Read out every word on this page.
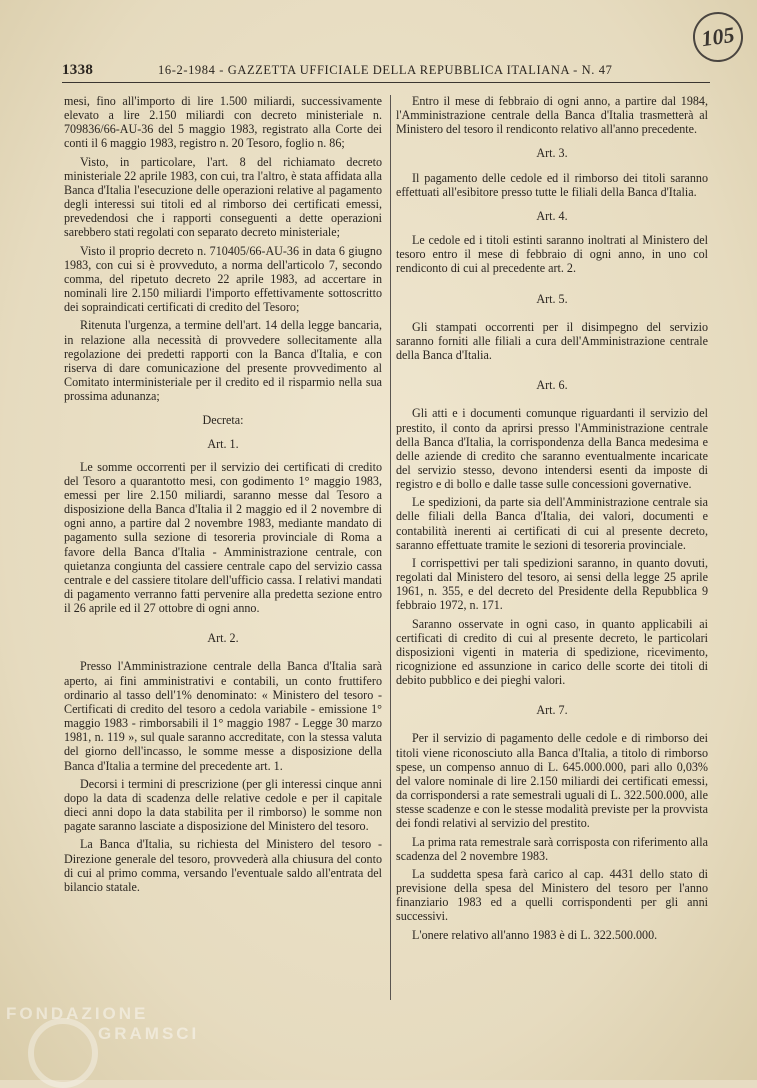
105
1338	16-2-1984 - GAZZETTA UFFICIALE DELLA REPUBBLICA ITALIANA - N. 47

mesi, fino all'importo di lire 1.500 miliardi, successivamente elevato a lire 2.150 miliardi con decreto ministeriale n. 709836/66-AU-36 del 5 maggio 1983, registrato alla Corte dei conti il 6 maggio 1983, registro n. 20 Tesoro, foglio n. 86;

Visto, in particolare, l'art. 8 del richiamato decreto ministeriale 22 aprile 1983, con cui, tra l'altro, è stata affidata alla Banca d'Italia l'esecuzione delle operazioni relative al pagamento degli interessi sui titoli ed al rimborso dei certificati emessi, prevedendosi che i rapporti conseguenti a dette operazioni sarebbero stati regolati con separato decreto ministeriale;

Visto il proprio decreto n. 710405/66-AU-36 in data 6 giugno 1983, con cui si è provveduto, a norma dell'articolo 7, secondo comma, del ripetuto decreto 22 aprile 1983, ad accertare in nominali lire 2.150 miliardi l'importo effettivamente sottoscritto dei sopraindicati certificati di credito del Tesoro;

Ritenuta l'urgenza, a termine dell'art. 14 della legge bancaria, in relazione alla necessità di provvedere sollecitamente alla regolazione dei predetti rapporti con la Banca d'Italia, e con riserva di dare comunicazione del presente provvedimento al Comitato interministeriale per il credito ed il risparmio nella sua prossima adunanza;

Decreta:

Art. 1.

Le somme occorrenti per il servizio dei certificati di credito del Tesoro a quarantotto mesi, con godimento 1° maggio 1983, emessi per lire 2.150 miliardi, saranno messe dal Tesoro a disposizione della Banca d'Italia il 2 maggio ed il 2 novembre di ogni anno, a partire dal 2 novembre 1983, mediante mandato di pagamento sulla sezione di tesoreria provinciale di Roma a favore della Banca d'Italia - Amministrazione centrale, con quietanza congiunta del cassiere centrale capo del servizio cassa centrale e del cassiere titolare dell'ufficio cassa. I relativi mandati di pagamento verranno fatti pervenire alla predetta sezione entro il 26 aprile ed il 27 ottobre di ogni anno.

Art. 2.

Presso l'Amministrazione centrale della Banca d'Italia sarà aperto, ai fini amministrativi e contabili, un conto fruttifero ordinario al tasso dell'1% denominato: « Ministero del tesoro - Certificati di credito del tesoro a cedola variabile - emissione 1° maggio 1983 - rimborsabili il 1° maggio 1987 - Legge 30 marzo 1981, n. 119 », sul quale saranno accreditate, con la stessa valuta del giorno dell'incasso, le somme messe a disposizione della Banca d'Italia a termine del precedente art. 1.

Decorsi i termini di prescrizione (per gli interessi cinque anni dopo la data di scadenza delle relative cedole e per il capitale dieci anni dopo la data stabilita per il rimborso) le somme non pagate saranno lasciate a disposizione del Ministero del tesoro.

La Banca d'Italia, su richiesta del Ministero del tesoro - Direzione generale del tesoro, provvederà alla chiusura del conto di cui al primo comma, versando l'eventuale saldo all'entrata del bilancio statale.

Entro il mese di febbraio di ogni anno, a partire dal 1984, l'Amministrazione centrale della Banca d'Italia trasmetterà al Ministero del tesoro il rendiconto relativo all'anno precedente.

Art. 3.

Il pagamento delle cedole ed il rimborso dei titoli saranno effettuati all'esibitore presso tutte le filiali della Banca d'Italia.

Art. 4.

Le cedole ed i titoli estinti saranno inoltrati al Ministero del tesoro entro il mese di febbraio di ogni anno, in uno col rendiconto di cui al precedente art. 2.

Art. 5.

Gli stampati occorrenti per il disimpegno del servizio saranno forniti alle filiali a cura dell'Amministrazione centrale della Banca d'Italia.

Art. 6.

Gli atti e i documenti comunque riguardanti il servizio del prestito, il conto da aprirsi presso l'Amministrazione centrale della Banca d'Italia, la corrispondenza della Banca medesima e delle aziende di credito che saranno eventualmente incaricate del servizio stesso, devono intendersi esenti da imposte di registro e di bollo e dalle tasse sulle concessioni governative.

Le spedizioni, da parte sia dell'Amministrazione centrale sia delle filiali della Banca d'Italia, dei valori, documenti e contabilità inerenti ai certificati di cui al presente decreto, saranno effettuate tramite le sezioni di tesoreria provinciale.

I corrispettivi per tali spedizioni saranno, in quanto dovuti, regolati dal Ministero del tesoro, ai sensi della legge 25 aprile 1961, n. 355, e del decreto del Presidente della Repubblica 9 febbraio 1972, n. 171.

Saranno osservate in ogni caso, in quanto applicabili ai certificati di credito di cui al presente decreto, le particolari disposizioni vigenti in materia di spedizione, ricevimento, ricognizione ed assunzione in carico delle scorte dei titoli di debito pubblico e dei pieghi valori.

Art. 7.

Per il servizio di pagamento delle cedole e di rimborso dei titoli viene riconosciuto alla Banca d'Italia, a titolo di rimborso spese, un compenso annuo di L. 645.000.000, pari allo 0,03% del valore nominale di lire 2.150 miliardi dei certificati emessi, da corrispondersi a rate semestrali uguali di L. 322.500.000, alle stesse scadenze e con le stesse modalità previste per la provvista dei fondi relativi al servizio del prestito.

La prima rata remestrale sarà corrisposta con riferimento alla scadenza del 2 novembre 1983.

La suddetta spesa farà carico al cap. 4431 dello stato di previsione della spesa del Ministero del tesoro per l'anno finanziario 1983 ed a quelli corrispondenti per gli anni successivi.

L'onere relativo all'anno 1983 è di L. 322.500.000.

FONDAZIONE
GRAMSCI
